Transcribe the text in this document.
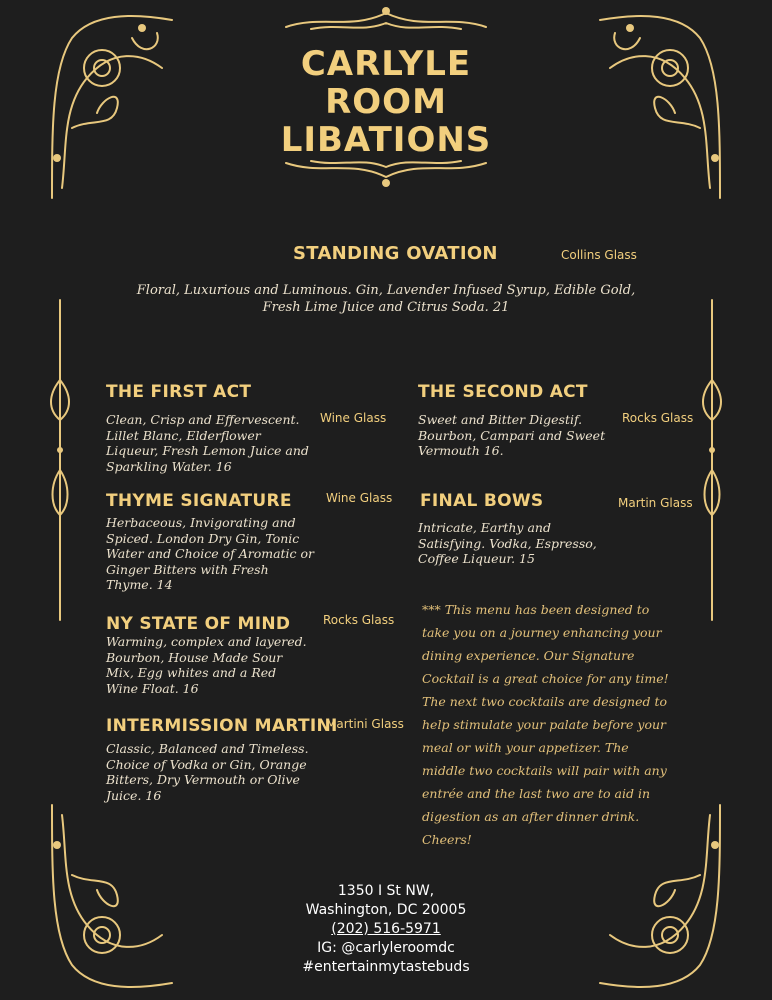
CARLYLE
ROOM
LIBATIONS
STANDING OVATION	Collins Glass
Floral, Luxurious and Luminous. Gin, Lavender Infused Syrup, Edible Gold,
Fresh Lime Juice and Citrus Soda. 21
THE FIRST ACT
Wine Glass
Clean, Crisp and Effervescent. Lillet Blanc, Elderflower Liqueur, Fresh Lemon Juice and Sparkling Water. 16
THE SECOND ACT
Rocks Glass
Sweet and Bitter Digestif. Bourbon, Campari and Sweet Vermouth 16.
THYME SIGNATURE	Wine Glass
Herbaceous, Invigorating and Spiced. London Dry Gin, Tonic Water and Choice of Aromatic or Ginger Bitters with Fresh Thyme. 14
FINAL BOWS	Martin Glass
Intricate, Earthy and Satisfying. Vodka, Espresso, Coffee Liqueur. 15
NY STATE OF MIND	Rocks Glass
Warming, complex and layered. Bourbon, House Made Sour Mix, Egg whites and a Red Wine Float. 16
INTERMISSION MARTINI
Martini Glass
Classic, Balanced and Timeless. Choice of Vodka or Gin, Orange Bitters, Dry Vermouth or Olive Juice. 16
*** This menu has been designed to take you on a journey enhancing your dining experience. Our Signature Cocktail is a great choice for any time! The next two cocktails are designed to help stimulate your palate before your meal or with your appetizer. The middle two cocktails will pair with any entrée and the last two are to aid in digestion as an after dinner drink. Cheers!
1350 I St NW,
Washington, DC 20005
(202) 516-5971
IG: @carlyleroomdc
#entertainmytastebuds
